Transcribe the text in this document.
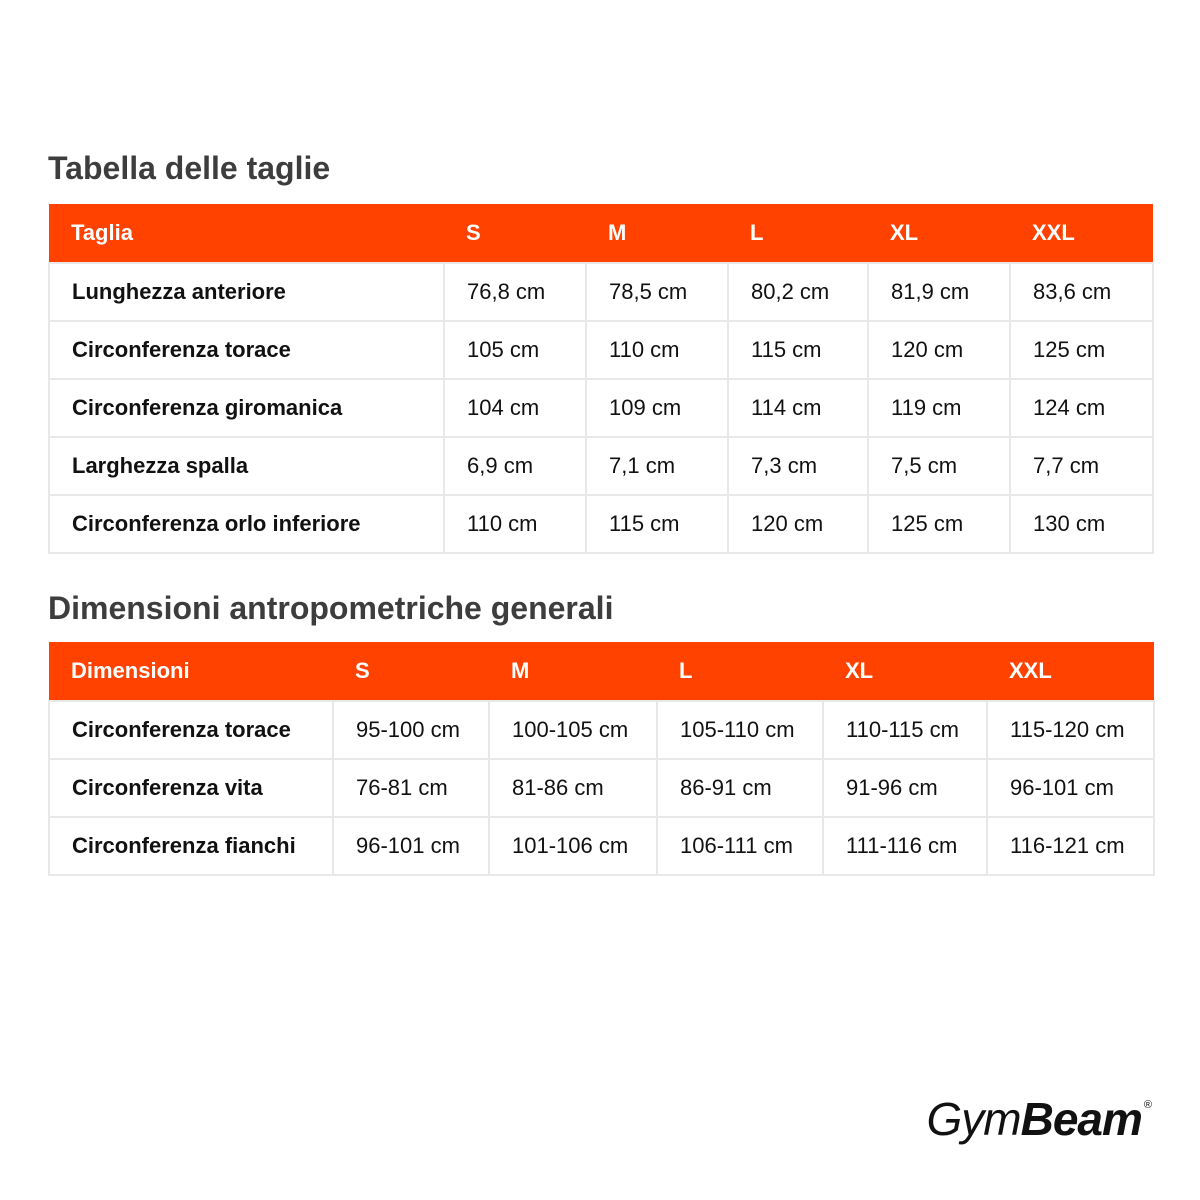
Tabella delle taglie
Taglia	S	M	L	XL	XXL
Lunghezza anteriore	76,8 cm	78,5 cm	80,2 cm	81,9 cm	83,6 cm
Circonferenza torace	105 cm	110 cm	115 cm	120 cm	125 cm
Circonferenza giromanica	104 cm	109 cm	114 cm	119 cm	124 cm
Larghezza spalla	6,9 cm	7,1 cm	7,3 cm	7,5 cm	7,7 cm
Circonferenza orlo inferiore	110 cm	115 cm	120 cm	125 cm	130 cm
Dimensioni antropometriche generali
Dimensioni	S	M	L	XL	XXL
Circonferenza torace	95-100 cm	100-105 cm	105-110 cm	110-115 cm	115-120 cm
Circonferenza vita	76-81 cm	81-86 cm	86-91 cm	91-96 cm	96-101 cm
Circonferenza fianchi	96-101 cm	101-106 cm	106-111 cm	111-116 cm	116-121 cm
GymBeam ®
